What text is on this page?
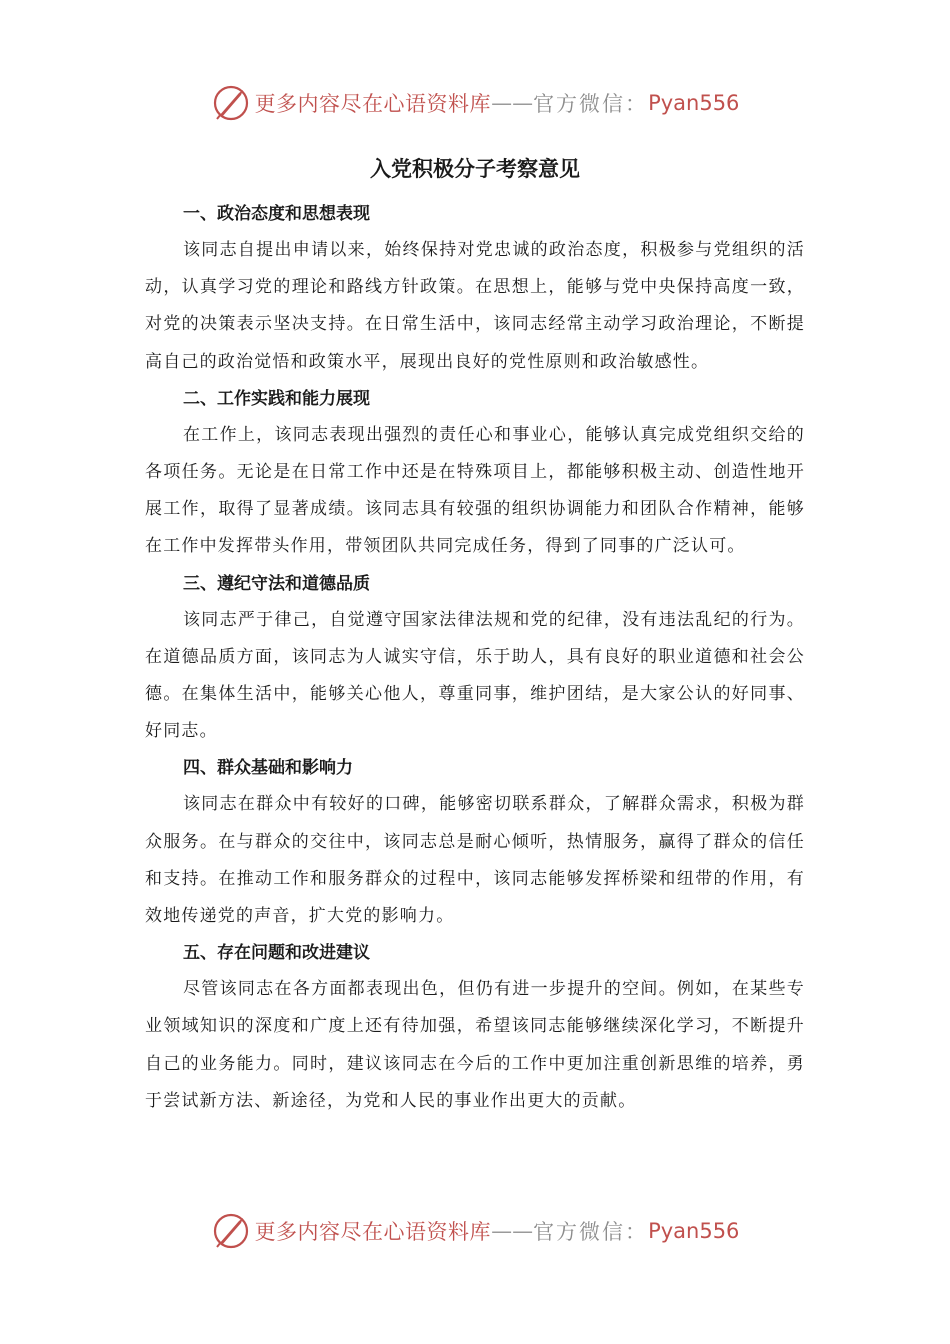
更多内容尽在心语资料库 —— 官方微信： Pyan556
入党积极分子考察意见
一、政治态度和思想表现

该同志自提出申请以来，始终保持对党忠诚的政治态度，积极参与党组织的活动，认真学习党的理论和路线方针政策。在思想上，能够与党中央保持高度一致，对党的决策表示坚决支持。在日常生活中，该同志经常主动学习政治理论，不断提高自己的政治觉悟和政策水平，展现出良好的党性原则和政治敏感性。

二、工作实践和能力展现

在工作上，该同志表现出强烈的责任心和事业心，能够认真完成党组织交给的各项任务。无论是在日常工作中还是在特殊项目上，都能够积极主动、创造性地开展工作，取得了显著成绩。该同志具有较强的组织协调能力和团队合作精神，能够在工作中发挥带头作用，带领团队共同完成任务，得到了同事的广泛认可。

三、遵纪守法和道德品质

该同志严于律己，自觉遵守国家法律法规和党的纪律，没有违法乱纪的行为。在道德品质方面，该同志为人诚实守信，乐于助人，具有良好的职业道德和社会公德。在集体生活中，能够关心他人，尊重同事，维护团结，是大家公认的好同事、好同志。

四、群众基础和影响力

该同志在群众中有较好的口碑，能够密切联系群众，了解群众需求，积极为群众服务。在与群众的交往中，该同志总是耐心倾听，热情服务，赢得了群众的信任和支持。在推动工作和服务群众的过程中，该同志能够发挥桥梁和纽带的作用，有效地传递党的声音，扩大党的影响力。

五、存在问题和改进建议

尽管该同志在各方面都表现出色，但仍有进一步提升的空间。例如，在某些专业领域知识的深度和广度上还有待加强，希望该同志能够继续深化学习，不断提升自己的业务能力。同时，建议该同志在今后的工作中更加注重创新思维的培养，勇于尝试新方法、新途径，为党和人民的事业作出更大的贡献。

更多内容尽在心语资料库 —— 官方微信： Pyan556
